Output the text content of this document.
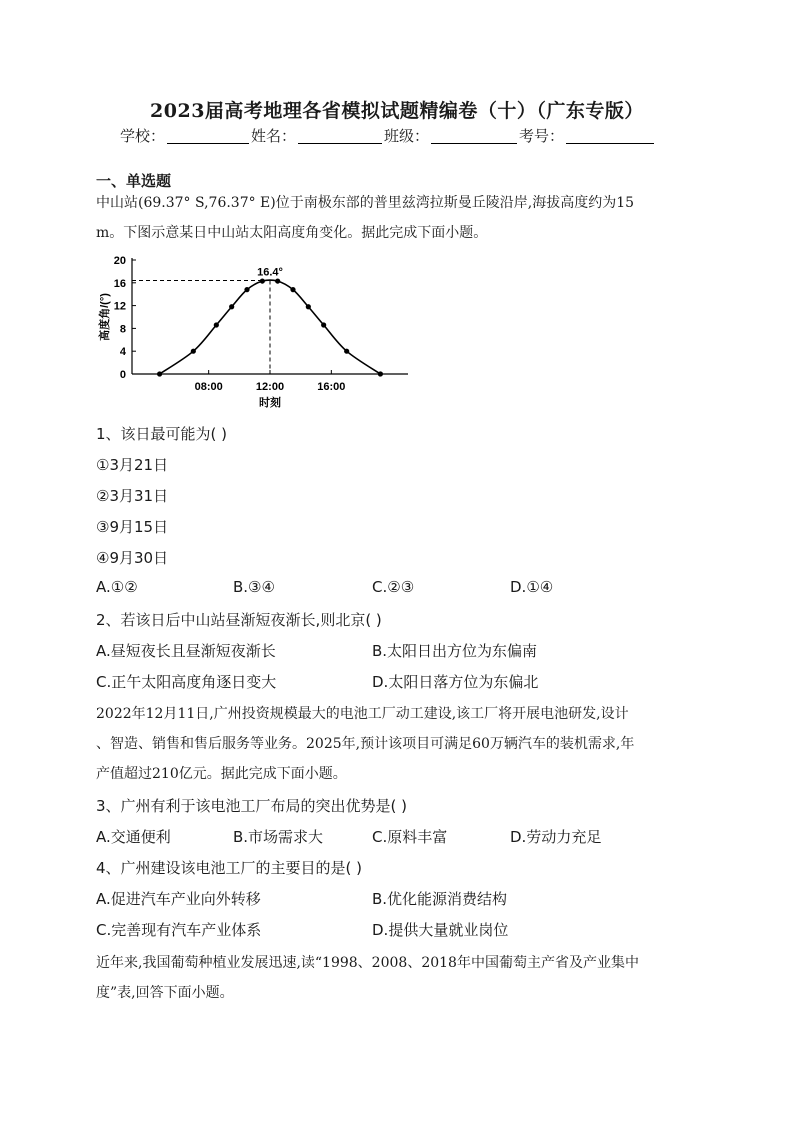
2023届高考地理各省模拟试题精编卷（十）（广东专版）
学校：	姓名：	班级：	考号：
一、单选题
中山站(69.37° S,76.37° E)位于南极东部的普里兹湾拉斯曼丘陵沿岸,海拔高度约为15
m。下图示意某日中山站太阳高度角变化。据此完成下面小题。
0
4
8
12
16
20
08:00	12:00	16:00
时刻
高度角/(°)
16.4°
1、该日最可能为( )
①3月21日
②3月31日
③9月15日
④9月30日
A.①②	B.③④	C.②③	D.①④
2、若该日后中山站昼渐短夜渐长,则北京( )
A.昼短夜长且昼渐短夜渐长	B.太阳日出方位为东偏南
C.正午太阳高度角逐日变大	D.太阳日落方位为东偏北
2022年12月11日,广州投资规模最大的电池工厂动工建设,该工厂将开展电池研发,设计
、智造、销售和售后服务等业务。2025年,预计该项目可满足60万辆汽车的装机需求,年
产值超过210亿元。据此完成下面小题。
3、广州有利于该电池工厂布局的突出优势是( )
A.交通便利	B.市场需求大	C.原料丰富	D.劳动力充足
4、广州建设该电池工厂的主要目的是( )
A.促进汽车产业向外转移	B.优化能源消费结构
C.完善现有汽车产业体系	D.提供大量就业岗位
近年来,我国葡萄种植业发展迅速,读“1998、2008、2018年中国葡萄主产省及产业集中
度”表,回答下面小题。
